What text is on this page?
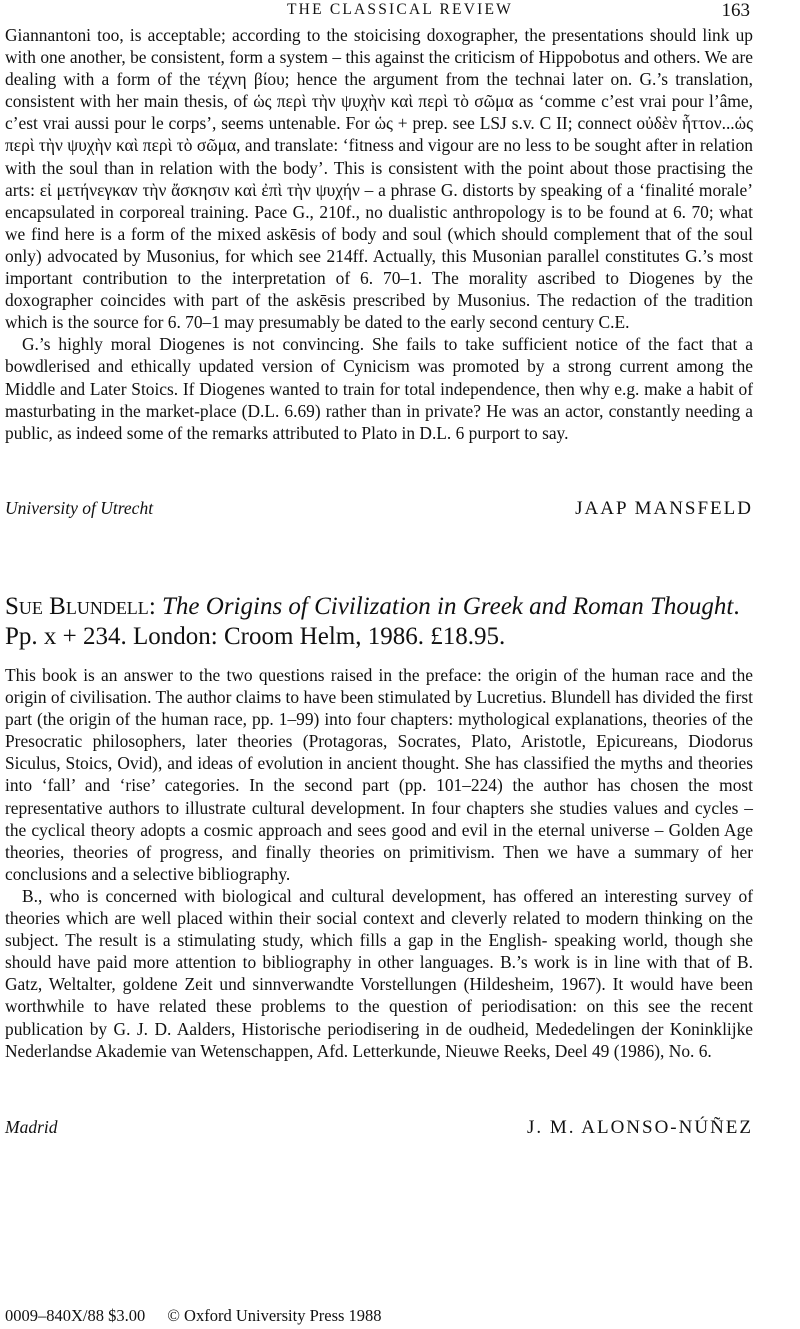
THE CLASSICAL REVIEW	163

Giannantoni too, is acceptable; according to the stoicising doxographer, the presentations should link up with one another, be consistent, form a system – this against the criticism of Hippobotus and others. We are dealing with a form of the τέχνη βίου; hence the argument from the technai later on. G.’s translation, consistent with her main thesis, of ὡς περὶ τὴν ψυχὴν καὶ περὶ τὸ σῶμα as ‘comme c’est vrai pour l’âme, c’est vrai aussi pour le corps’, seems untenable. For ὡς + prep. see LSJ s.v. C II; connect οὐδὲν ἧττον...ὡς περὶ τὴν ψυχὴν καὶ περὶ τὸ σῶμα, and translate: ‘fitness and vigour are no less to be sought after in relation with the soul than in relation with the body’. This is consistent with the point about those practising the arts: εἰ μετήνεγκαν τὴν ἄσκησιν καὶ ἐπὶ τὴν ψυχήν – a phrase G. distorts by speaking of a ‘finalité morale’ encapsulated in corporeal training. Pace G., 210f., no dualistic anthropology is to be found at 6. 70; what we find here is a form of the mixed askēsis of body and soul (which should complement that of the soul only) advocated by Musonius, for which see 214ff. Actually, this Musonian parallel constitutes G.’s most important contribution to the interpretation of 6. 70–1. The morality ascribed to Diogenes by the doxographer coincides with part of the askēsis prescribed by Musonius. The redaction of the tradition which is the source for 6. 70–1 may presumably be dated to the early second century C.E.

G.’s highly moral Diogenes is not convincing. She fails to take sufficient notice of the fact that a bowdlerised and ethically updated version of Cynicism was promoted by a strong current among the Middle and Later Stoics. If Diogenes wanted to train for total independence, then why e.g. make a habit of masturbating in the market-place (D.L. 6.69) rather than in private? He was an actor, constantly needing a public, as indeed some of the remarks attributed to Plato in D.L. 6 purport to say.

University of Utrecht	JAAP MANSFELD
Sue Blundell: The Origins of Civilization in Greek and Roman Thought. Pp. x + 234. London: Croom Helm, 1986. £18.95.

This book is an answer to the two questions raised in the preface: the origin of the human race and the origin of civilisation. The author claims to have been stimulated by Lucretius. Blundell has divided the first part (the origin of the human race, pp. 1–99) into four chapters: mythological explanations, theories of the Presocratic philosophers, later theories (Protagoras, Socrates, Plato, Aristotle, Epicureans, Diodorus Siculus, Stoics, Ovid), and ideas of evolution in ancient thought. She has classified the myths and theories into ‘fall’ and ‘rise’ categories. In the second part (pp. 101–224) the author has chosen the most representative authors to illustrate cultural development. In four chapters she studies values and cycles – the cyclical theory adopts a cosmic approach and sees good and evil in the eternal universe – Golden Age theories, theories of progress, and finally theories on primitivism. Then we have a summary of her conclusions and a selective bibliography.

B., who is concerned with biological and cultural development, has offered an interesting survey of theories which are well placed within their social context and cleverly related to modern thinking on the subject. The result is a stimulating study, which fills a gap in the English- speaking world, though she should have paid more attention to bibliography in other languages. B.’s work is in line with that of B. Gatz, Weltalter, goldene Zeit und sinnverwandte Vorstellungen (Hildesheim, 1967). It would have been worthwhile to have related these problems to the question of periodisation: on this see the recent publication by G. J. D. Aalders, Historische periodisering in de oudheid, Mededelingen der Koninklijke Nederlandse Akademie van Wetenschappen, Afd. Letterkunde, Nieuwe Reeks, Deel 49 (1986), No. 6.

Madrid	J. M. ALONSO-NÚÑEZ
0009–840X/88 $3.00 © Oxford University Press 1988
